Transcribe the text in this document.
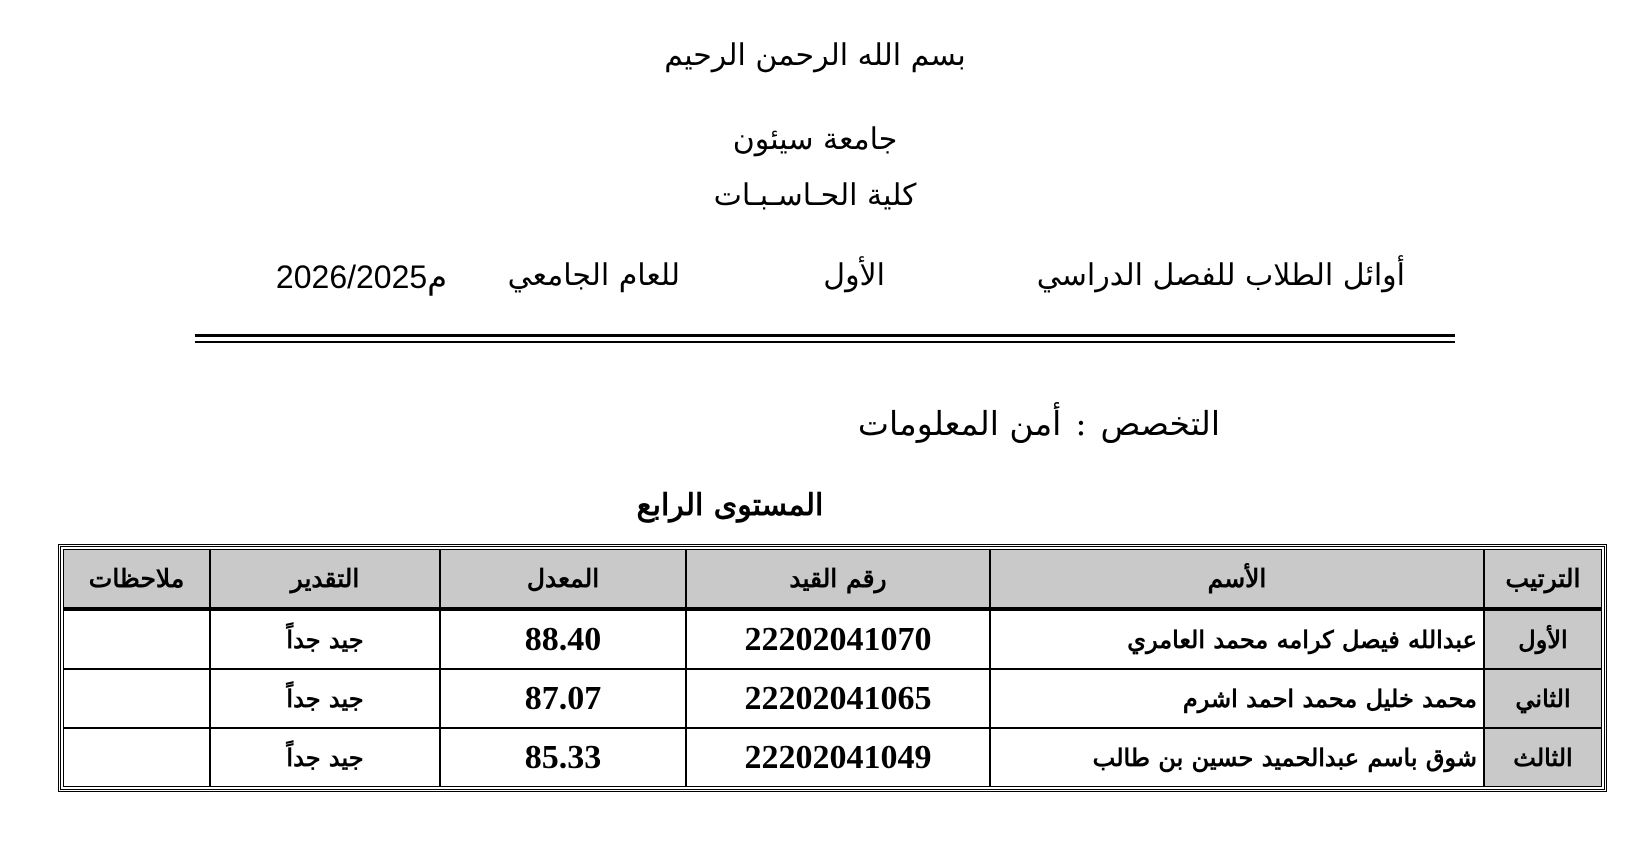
بسم الله الرحمن الرحيم
جامعة سيئون
كلية الحـاسـبـات
أوائل الطلاب للفصل الدراسي
الأول
للعام الجامعي
2026/2025م
التخصص:أمن المعلومات
المستوى الرابع
الترتيب	الأسم	رقم القيد	المعدل	التقدير	ملاحظات
الأول	عبدالله فيصل كرامه محمد العامري	22202041070	88.40	جيد جداً	
الثاني	محمد خليل محمد احمد اشرم	22202041065	87.07	جيد جداً	
الثالث	شوق باسم عبدالحميد حسين بن طالب	22202041049	85.33	جيد جداً	
